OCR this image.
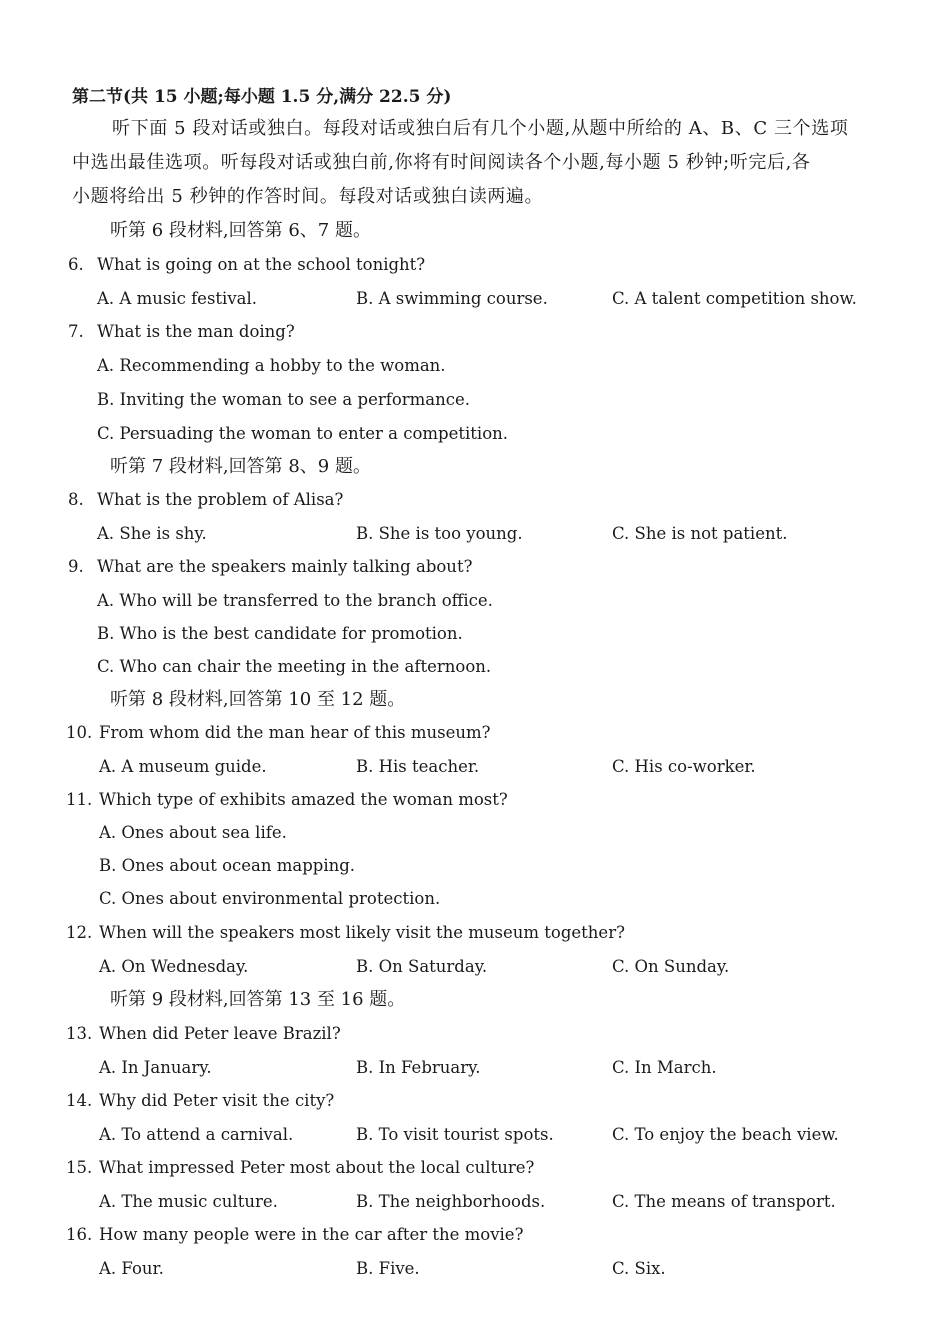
第二节(共 15 小题;每小题 1.5 分,满分 22.5 分)
听下面 5 段对话或独白。每段对话或独白后有几个小题,从题中所给的 A、B、C 三个选项
中选出最佳选项。听每段对话或独白前,你将有时间阅读各个小题,每小题 5 秒钟;听完后,各
小题将给出 5 秒钟的作答时间。每段对话或独白读两遍。
听第 6 段材料,回答第 6、7 题。
6. What is going on at the school tonight?
A. A music festival.	B. A swimming course.	C. A talent competition show.
7. What is the man doing?
A. Recommending a hobby to the woman.
B. Inviting the woman to see a performance.
C. Persuading the woman to enter a competition.
听第 7 段材料,回答第 8、9 题。
8. What is the problem of Alisa?
A. She is shy.	B. She is too young.	C. She is not patient.
9. What are the speakers mainly talking about?
A. Who will be transferred to the branch office.
B. Who is the best candidate for promotion.
C. Who can chair the meeting in the afternoon.
听第 8 段材料,回答第 10 至 12 题。
10. From whom did the man hear of this museum?
A. A museum guide.	B. His teacher.	C. His co-worker.
11. Which type of exhibits amazed the woman most?
A. Ones about sea life.
B. Ones about ocean mapping.
C. Ones about environmental protection.
12. When will the speakers most likely visit the museum together?
A. On Wednesday.	B. On Saturday.	C. On Sunday.
听第 9 段材料,回答第 13 至 16 题。
13. When did Peter leave Brazil?
A. In January.	B. In February.	C. In March.
14. Why did Peter visit the city?
A. To attend a carnival.	B. To visit tourist spots.	C. To enjoy the beach view.
15. What impressed Peter most about the local culture?
A. The music culture.	B. The neighborhoods.	C. The means of transport.
16. How many people were in the car after the movie?
A. Four.	B. Five.	C. Six.
